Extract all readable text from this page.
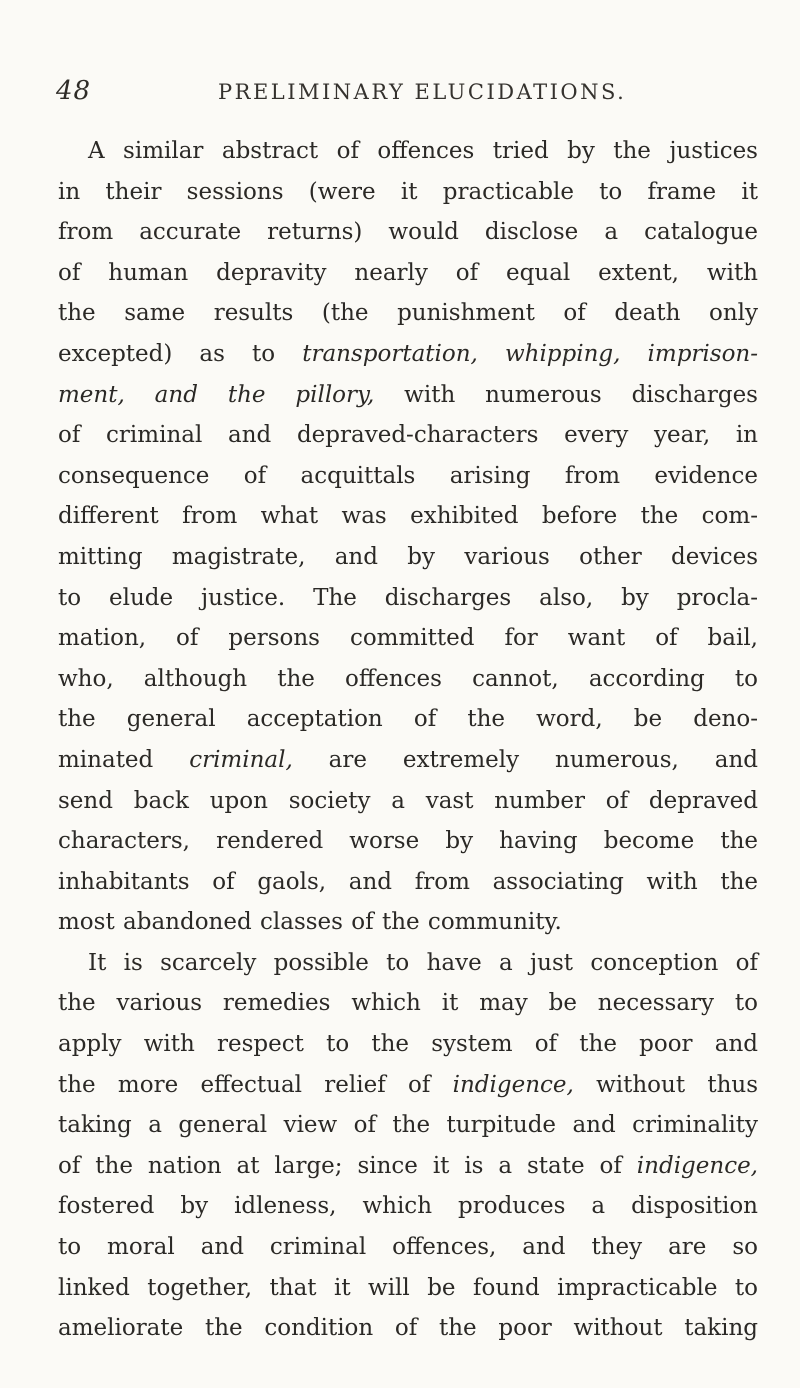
48	PRELIMINARY ELUCIDATIONS.
A similar abstract of offences tried by the justices
in their sessions (were it practicable to frame it
from accurate returns) would disclose a catalogue
of human depravity nearly of equal extent, with
the same results (the punishment of death only
excepted) as to transportation, whipping, imprison-
ment, and the pillory, with numerous discharges
of criminal and depraved-characters every year, in
consequence of acquittals arising from evidence
different from what was exhibited before the com-
mitting magistrate, and by various other devices
to elude justice. The discharges also, by procla-
mation, of persons committed for want of bail,
who, although the offences cannot, according to
the general acceptation of the word, be deno-
minated criminal, are extremely numerous, and
send back upon society a vast number of depraved
characters, rendered worse by having become the
inhabitants of gaols, and from associating with the
most abandoned classes of the community.
It is scarcely possible to have a just conception of
the various remedies which it may be necessary to
apply with respect to the system of the poor and
the more effectual relief of indigence, without thus
taking a general view of the turpitude and criminality
of the nation at large; since it is a state of indigence,
fostered by idleness, which produces a disposition
to moral and criminal offences, and they are so
linked together, that it will be found impracticable to
ameliorate the condition of the poor without taking
